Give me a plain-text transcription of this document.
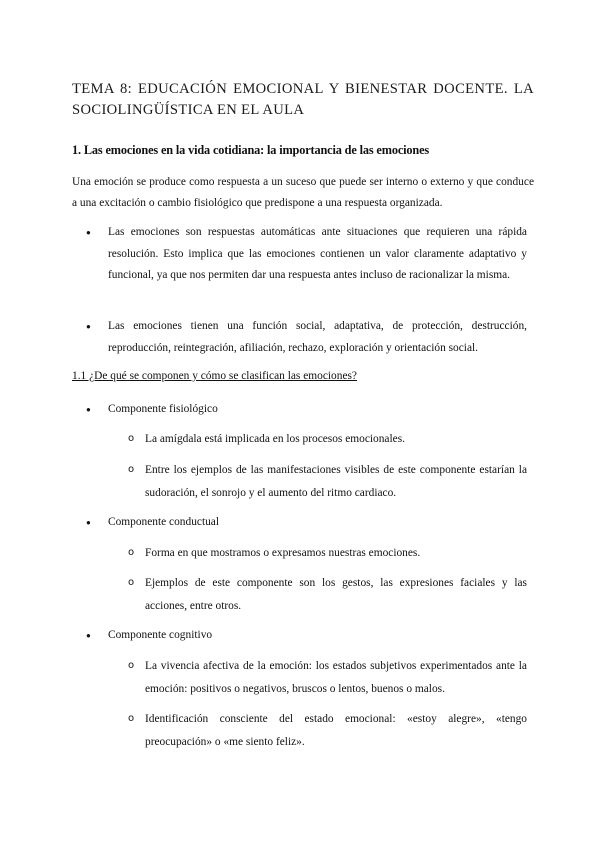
TEMA 8: EDUCACIÓN EMOCIONAL Y BIENESTAR DOCENTE. LA SOCIOLINGÜÍSTICA EN EL AULA
1. Las emociones en la vida cotidiana: la importancia de las emociones
Una emoción se produce como respuesta a un suceso que puede ser interno o externo y que conduce a una excitación o cambio fisiológico que predispone a una respuesta organizada.
● Las emociones son respuestas automáticas ante situaciones que requieren una rápida resolución. Esto implica que las emociones contienen un valor claramente adaptativo y funcional, ya que nos permiten dar una respuesta antes incluso de racionalizar la misma.
● Las emociones tienen una función social, adaptativa, de protección, destrucción, reproducción, reintegración, afiliación, rechazo, exploración y orientación social.
1.1 ¿De qué se componen y cómo se clasifican las emociones?
● Componente fisiológico
o La amígdala está implicada en los procesos emocionales.
o Entre los ejemplos de las manifestaciones visibles de este componente estarían la sudoración, el sonrojo y el aumento del ritmo cardiaco.
● Componente conductual
o Forma en que mostramos o expresamos nuestras emociones.
o Ejemplos de este componente son los gestos, las expresiones faciales y las acciones, entre otros.
● Componente cognitivo
o La vivencia afectiva de la emoción: los estados subjetivos experimentados ante la emoción: positivos o negativos, bruscos o lentos, buenos o malos.
o Identificación consciente del estado emocional: «estoy alegre», «tengo preocupación» o «me siento feliz».
